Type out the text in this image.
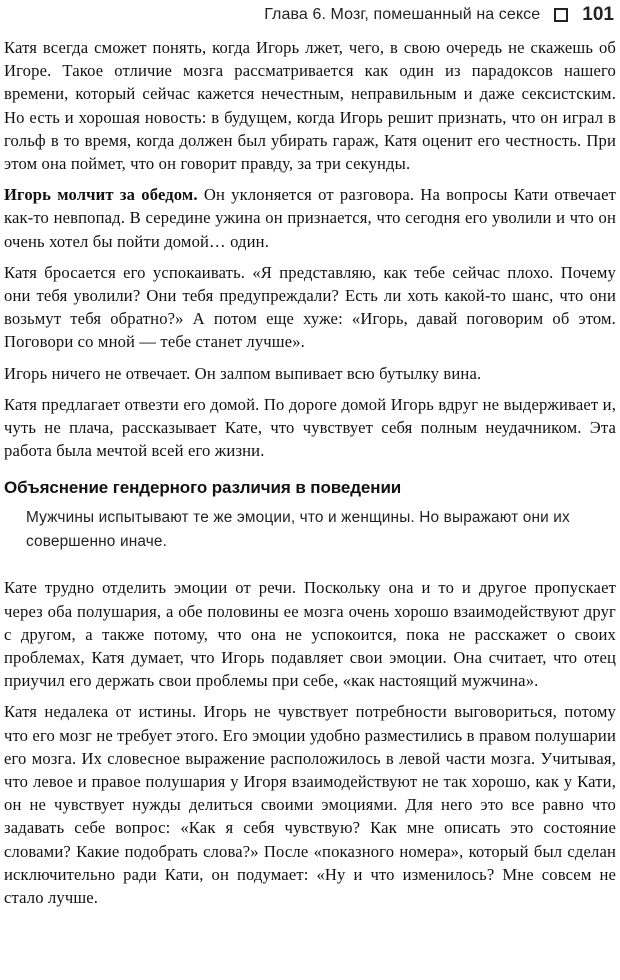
Глава 6. Мозг, помешанный на сексе 101

Катя всегда сможет понять, когда Игорь лжет, чего, в свою очередь не скажешь об Игоре. Такое отличие мозга рассматривается как один из парадоксов нашего времени, который сейчас кажется нечестным, неправильным и даже сексистским. Но есть и хорошая новость: в будущем, когда Игорь решит признать, что он играл в гольф в то время, когда должен был убирать гараж, Катя оценит его честность. При этом она поймет, что он говорит правду, за три секунды.

Игорь молчит за обедом. Он уклоняется от разговора. На вопросы Кати отвечает как-то невпопад. В середине ужина он признается, что сегодня его уволили и что он очень хотел бы пойти домой… один.

Катя бросается его успокаивать. «Я представляю, как тебе сейчас плохо. Почему они тебя уволили? Они тебя предупреждали? Есть ли хоть какой-то шанс, что они возьмут тебя обратно?» А потом еще хуже: «Игорь, давай поговорим об этом. Поговори со мной — тебе станет лучше».

Игорь ничего не отвечает. Он залпом выпивает всю бутылку вина.

Катя предлагает отвезти его домой. По дороге домой Игорь вдруг не выдерживает и, чуть не плача, рассказывает Кате, что чувствует себя полным неудачником. Эта работа была мечтой всей его жизни.

Объяснение гендерного различия в поведении
Мужчины испытывают те же эмоции, что и женщины. Но выражают они их совершенно иначе.

Кате трудно отделить эмоции от речи. Поскольку она и то и другое пропускает через оба полушария, а обе половины ее мозга очень хорошо взаимодействуют друг с другом, а также потому, что она не успокоится, пока не расскажет о своих проблемах, Катя думает, что Игорь подавляет свои эмоции. Она считает, что отец приучил его держать свои проблемы при себе, «как настоящий мужчина».

Катя недалека от истины. Игорь не чувствует потребности выговориться, потому что его мозг не требует этого. Его эмоции удобно разместились в правом полушарии его мозга. Их словесное выражение расположилось в левой части мозга. Учитывая, что левое и правое полушария у Игоря взаимодействуют не так хорошо, как у Кати, он не чувствует нужды делиться своими эмоциями. Для него это все равно что задавать себе вопрос: «Как я себя чувствую? Как мне описать это состояние словами? Какие подобрать слова?» После «показного номера», который был сделан исключительно ради Кати, он подумает: «Ну и что изменилось? Мне совсем не стало лучше.
